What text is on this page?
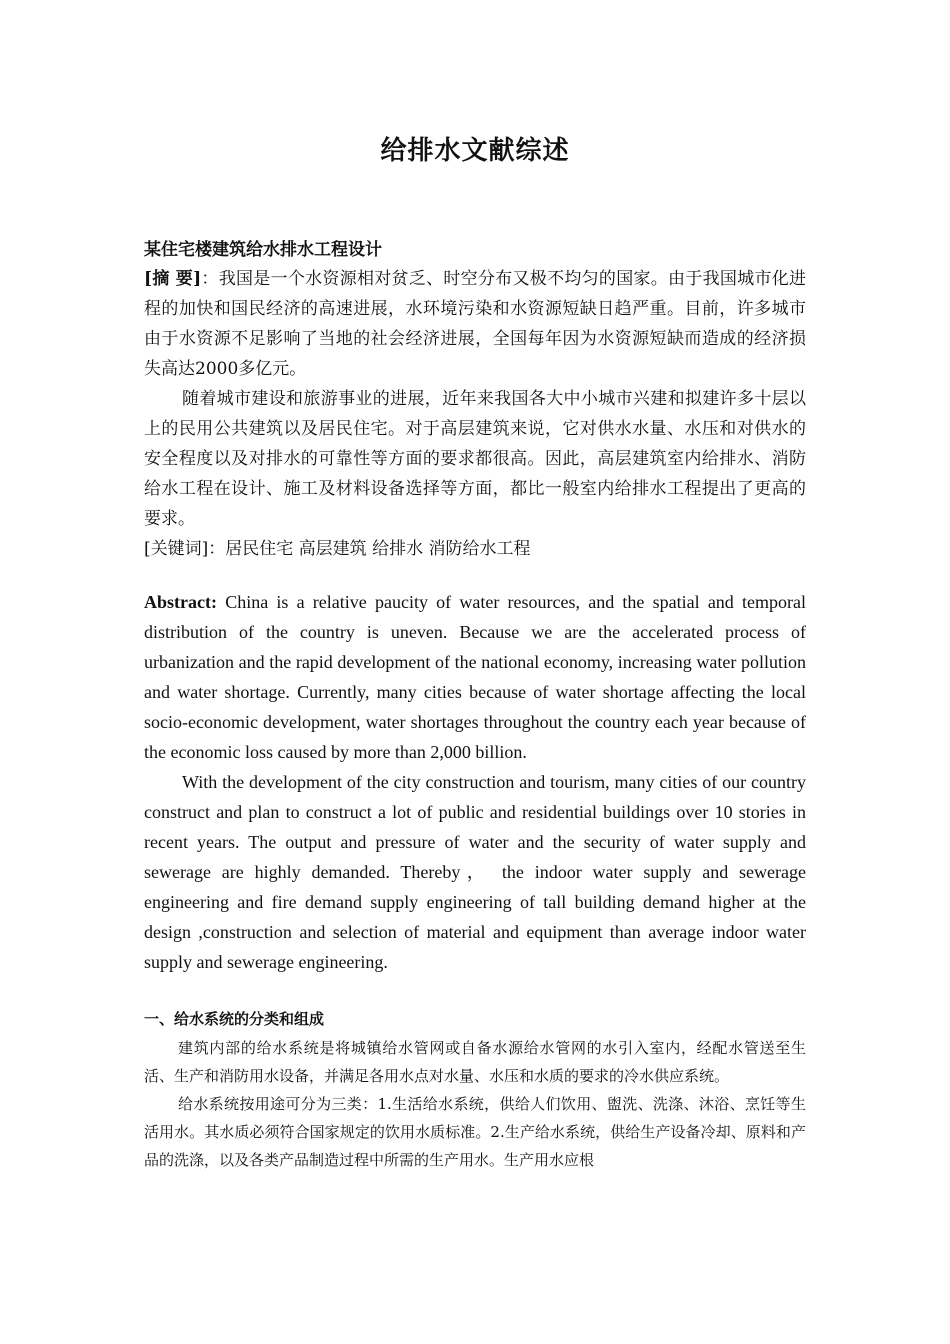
给排水文献综述
某住宅楼建筑给水排水工程设计

[摘 要]：我国是一个水资源相对贫乏、时空分布又极不均匀的国家。由于我国城市化进程的加快和国民经济的高速进展，水环境污染和水资源短缺日趋严重。目前，许多城市由于水资源不足影响了当地的社会经济进展，全国每年因为水资源短缺而造成的经济损失高达2000多亿元。

随着城市建设和旅游事业的进展，近年来我国各大中小城市兴建和拟建许多十层以上的民用公共建筑以及居民住宅。对于高层建筑来说，它对供水水量、水压和对供水的安全程度以及对排水的可靠性等方面的要求都很高。因此，高层建筑室内给排水、消防给水工程在设计、施工及材料设备选择等方面，都比一般室内给排水工程提出了更高的要求。

[关键词]：居民住宅 高层建筑 给排水 消防给水工程

Abstract: China is a relative paucity of water resources, and the spatial and temporal distribution of the country is uneven. Because we are the accelerated process of urbanization and the rapid development of the national economy, increasing water pollution and water shortage. Currently, many cities because of water shortage affecting the local socio-economic development, water shortages throughout the country each year because of the economic loss caused by more than 2,000 billion.

With the development of the city construction and tourism, many cities of our country construct and plan to construct a lot of public and residential buildings over 10 stories in recent years. The output and pressure of water and the security of water supply and sewerage are highly demanded. Thereby， the indoor water supply and sewerage engineering and fire demand supply engineering of tall building demand higher at the design ,construction and selection of material and equipment than average indoor water supply and sewerage engineering.

一、给水系统的分类和组成

建筑内部的给水系统是将城镇给水管网或自备水源给水管网的水引入室内，经配水管送至生活、生产和消防用水设备，并满足各用水点对水量、水压和水质的要求的冷水供应系统。

给水系统按用途可分为三类：1.生活给水系统，供给人们饮用、盥洗、洗涤、沐浴、烹饪等生活用水。其水质必须符合国家规定的饮用水质标准。2.生产给水系统，供给生产设备冷却、原料和产品的洗涤，以及各类产品制造过程中所需的生产用水。生产用水应根
